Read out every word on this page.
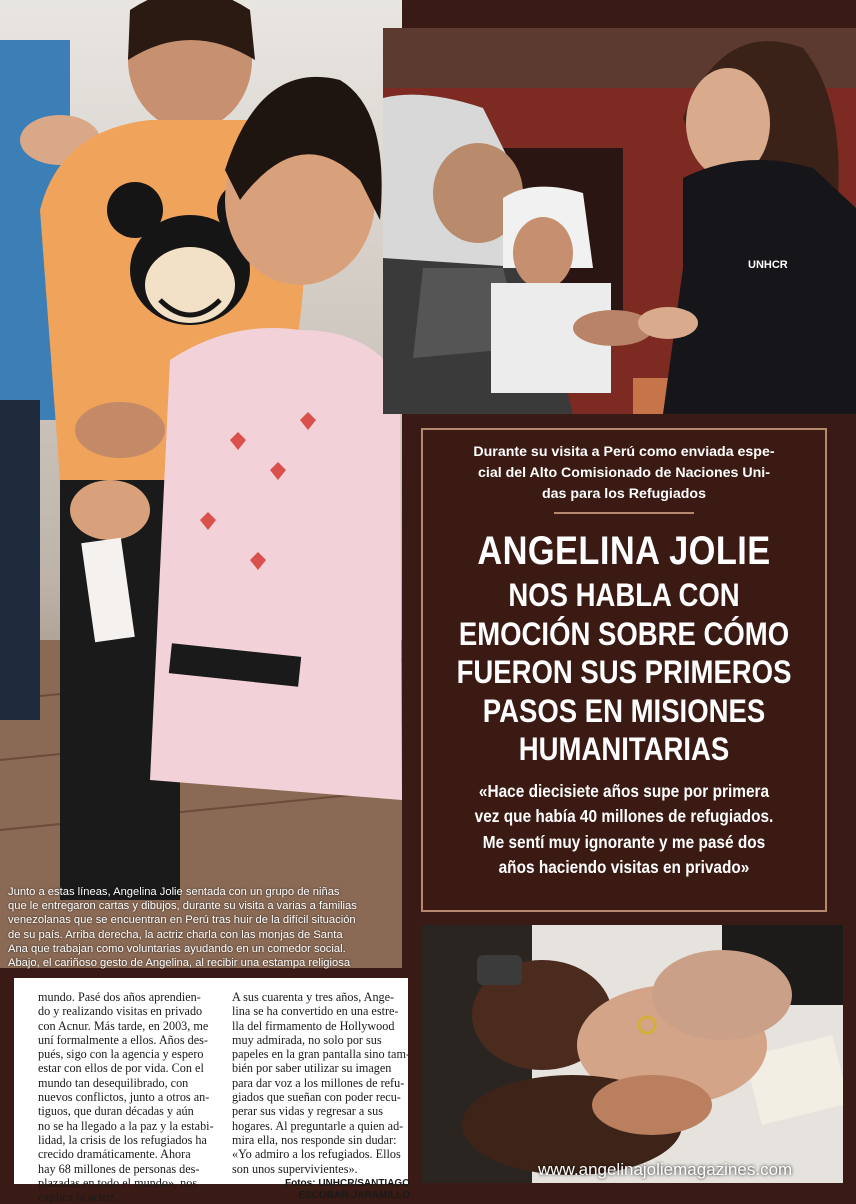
UNHCR
Junto a estas líneas, Angelina Jolie sentada con un grupo de niñas
que le entregaron cartas y dibujos, durante su visita a varias a familias
venezolanas que se encuentran en Perú tras huir de la difícil situación
de su país. Arriba derecha, la actriz charla con las monjas de Santa
Ana que trabajan como voluntarias ayudando en un comedor social.
Abajo, el cariñoso gesto de Angelina, al recibir una estampa religiosa
Durante su visita a Perú como enviada espe-
cial del Alto Comisionado de Naciones Uni-
das para los Refugiados
ANGELINA JOLIE
NOS HABLA CON
EMOCIÓN SOBRE CÓMO
FUERON SUS PRIMEROS
PASOS EN MISIONES
HUMANITARIAS
«Hace diecisiete años supe por primera
vez que había 40 millones de refugiados.
Me sentí muy ignorante y me pasé dos
años haciendo visitas en privado»
mundo. Pasé dos años aprendien-
do y realizando visitas en privado
con Acnur. Más tarde, en 2003, me
uní formalmente a ellos. Años des-
pués, sigo con la agencia y espero
estar con ellos de por vida. Con el
mundo tan desequilibrado, con
nuevos conflictos, junto a otros an-
tiguos, que duran décadas y aún
no se ha llegado a la paz y la estabi-
lidad, la crisis de los refugiados ha
crecido dramáticamente. Ahora
hay 68 millones de personas des-
plazadas en todo el mundo», nos
explica la actriz.
A sus cuarenta y tres años, Ange-
lina se ha convertido en una estre-
lla del firmamento de Hollywood
muy admirada, no solo por sus
papeles en la gran pantalla sino tam-
bién por saber utilizar su imagen
para dar voz a los millones de refu-
giados que sueñan con poder recu-
perar sus vidas y regresar a sus
hogares. Al preguntarle a quien ad-
mira ella, nos responde sin dudar:
«Yo admiro a los refugiados. Ellos
son unos supervivientes».
Fotos: UNHCR/SANTIAGO
ESCOBAR-JARAMILLO
www.angelinajoliemagazines.com
